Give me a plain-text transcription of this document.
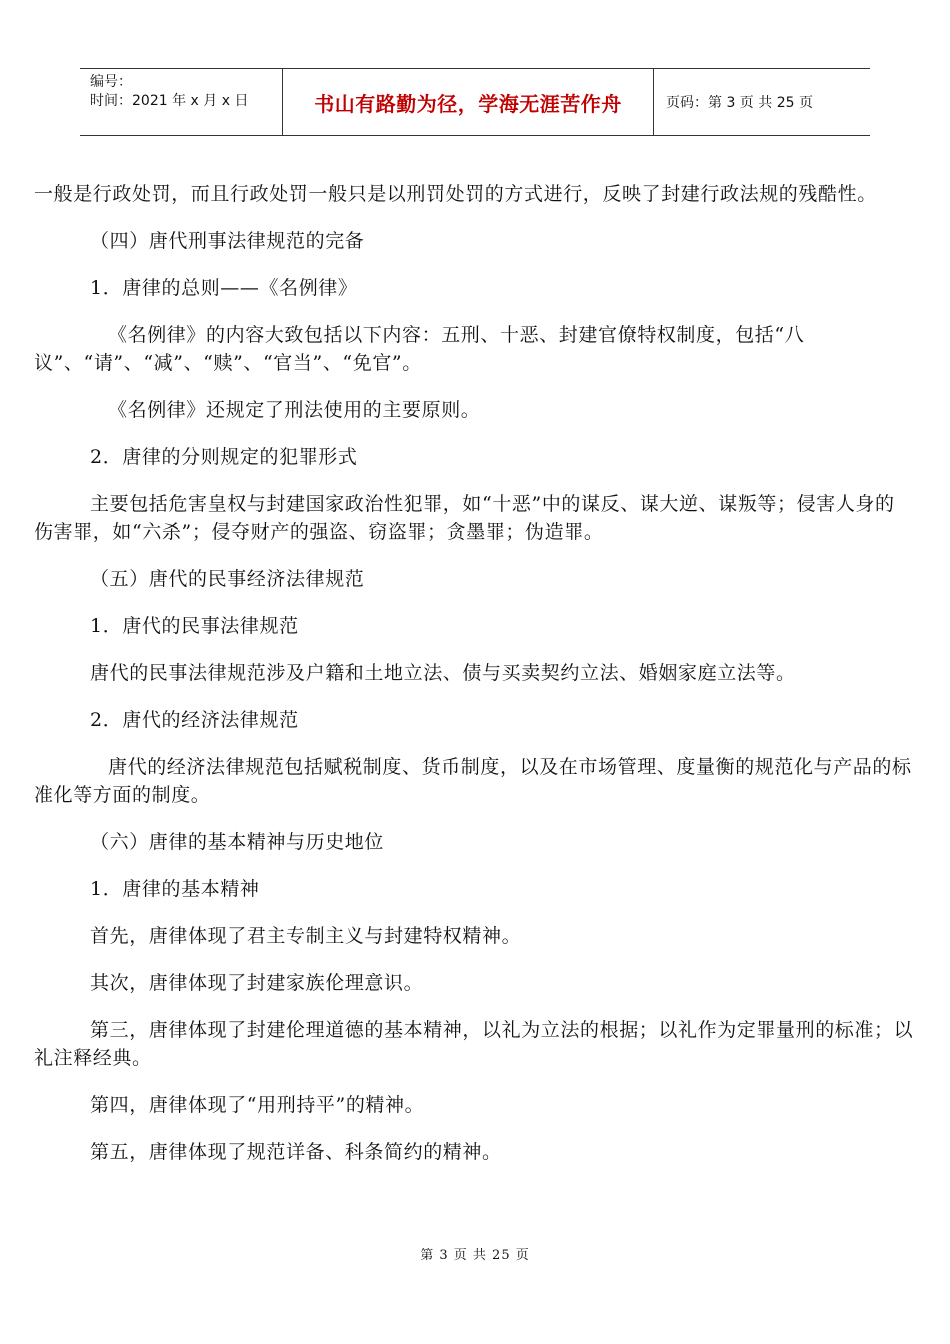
编号：
时间：2021 年 x 月 x 日	书山有路勤为径，学海无涯苦作舟	页码：第 3 页 共 25 页

一般是行政处罚，而且行政处罚一般只是以刑罚处罚的方式进行，反映了封建行政法规的残酷性。

（四）唐代刑事法律规范的完备

1．唐律的总则——《名例律》

《名例律》的内容大致包括以下内容：五刑、十恶、封建官僚特权制度，包括“八议”、“请”、“减”、“赎”、“官当”、“免官”。

《名例律》还规定了刑法使用的主要原则。

2．唐律的分则规定的犯罪形式

主要包括危害皇权与封建国家政治性犯罪，如“十恶”中的谋反、谋大逆、谋叛等；侵害人身的伤害罪，如“六杀”；侵夺财产的强盗、窃盗罪；贪墨罪；伪造罪。

（五）唐代的民事经济法律规范

1．唐代的民事法律规范

唐代的民事法律规范涉及户籍和土地立法、债与买卖契约立法、婚姻家庭立法等。

2．唐代的经济法律规范

唐代的经济法律规范包括赋税制度、货币制度，以及在市场管理、度量衡的规范化与产品的标准化等方面的制度。

（六）唐律的基本精神与历史地位

1．唐律的基本精神

首先，唐律体现了君主专制主义与封建特权精神。

其次，唐律体现了封建家族伦理意识。

第三，唐律体现了封建伦理道德的基本精神，以礼为立法的根据；以礼作为定罪量刑的标准；以礼注释经典。

第四，唐律体现了“用刑持平”的精神。

第五，唐律体现了规范详备、科条简约的精神。

第 3 页 共 25 页
